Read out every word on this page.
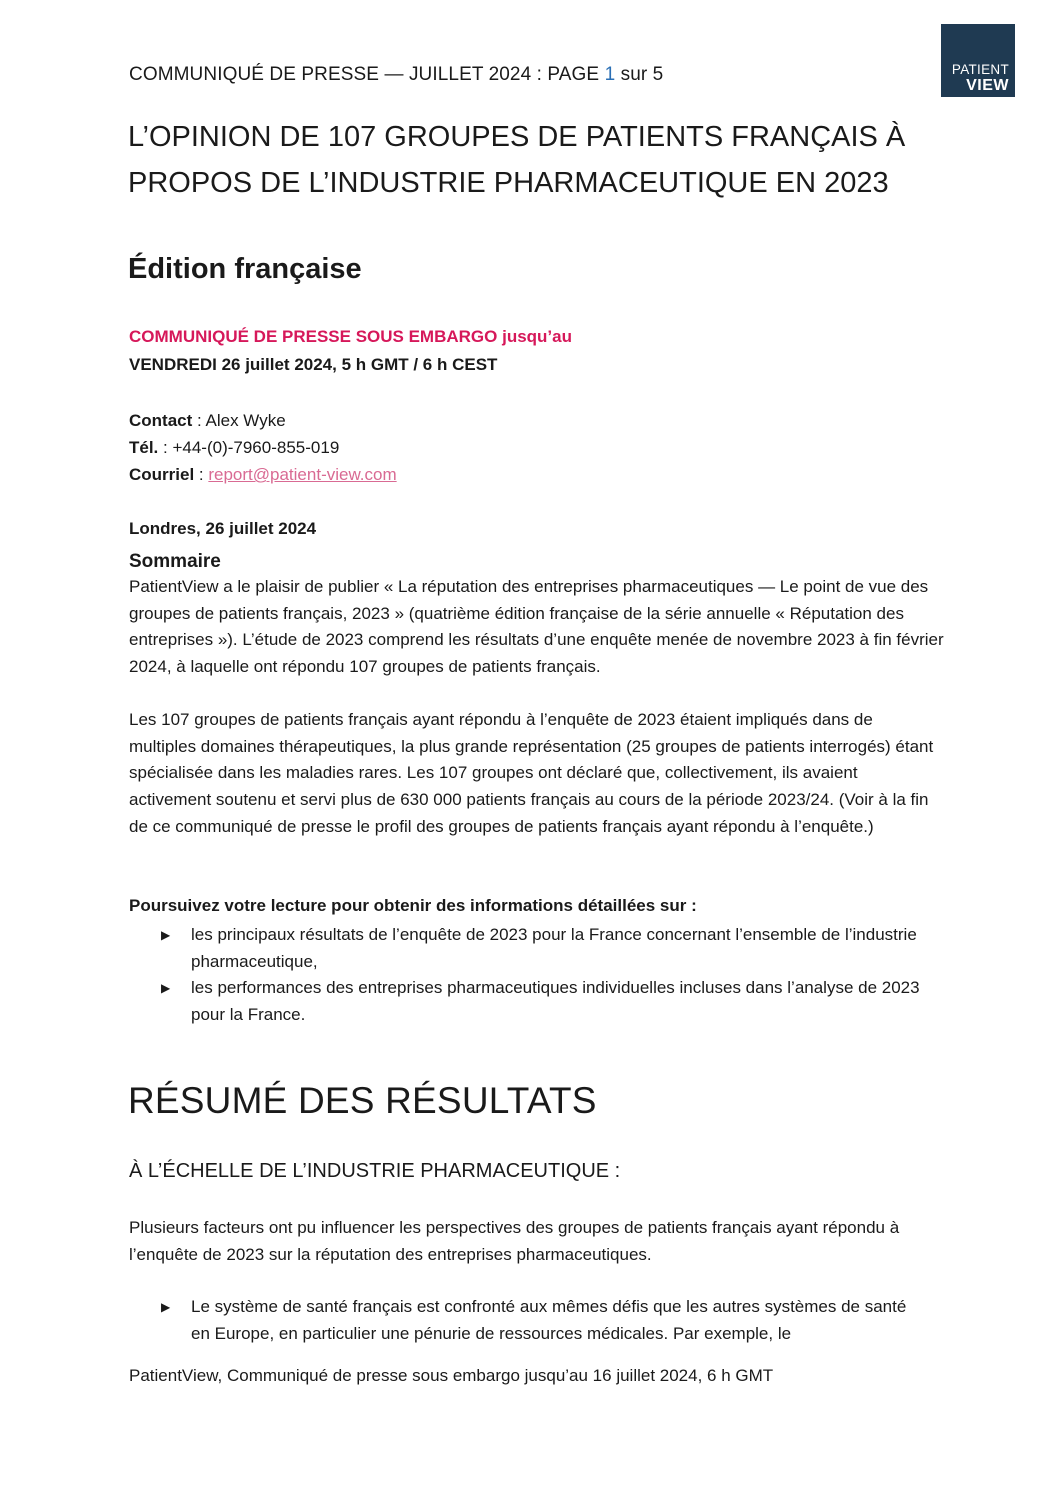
PATIENT
VIEW
COMMUNIQUÉ DE PRESSE — JUILLET 2024 : PAGE 1 sur 5
L’OPINION DE 107 GROUPES DE PATIENTS FRANÇAIS À PROPOS DE L’INDUSTRIE PHARMACEUTIQUE EN 2023
Édition française
COMMUNIQUÉ DE PRESSE SOUS EMBARGO jusqu’au
VENDREDI 26 juillet 2024, 5 h GMT / 6 h CEST
Contact : Alex Wyke
Tél. : +44-(0)-7960-855-019
Courriel : report@patient-view.com
Londres, 26 juillet 2024
Sommaire

PatientView a le plaisir de publier « La réputation des entreprises pharmaceutiques — Le point de vue des groupes de patients français, 2023 » (quatrième édition française de la série annuelle « Réputation des entreprises »). L’étude de 2023 comprend les résultats d’une enquête menée de novembre 2023 à fin février 2024, à laquelle ont répondu 107 groupes de patients français.

Les 107 groupes de patients français ayant répondu à l’enquête de 2023 étaient impliqués dans de multiples domaines thérapeutiques, la plus grande représentation (25 groupes de patients interrogés) étant spécialisée dans les maladies rares. Les 107 groupes ont déclaré que, collectivement, ils avaient activement soutenu et servi plus de 630 000 patients français au cours de la période 2023/24. (Voir à la fin de ce communiqué de presse le profil des groupes de patients français ayant répondu à l’enquête.)

Poursuivez votre lecture pour obtenir des informations détaillées sur :
▶ les principaux résultats de l’enquête de 2023 pour la France concernant l’ensemble de l’industrie pharmaceutique,
▶ les performances des entreprises pharmaceutiques individuelles incluses dans l’analyse de 2023 pour la France.
RÉSUMÉ DES RÉSULTATS
À L’ÉCHELLE DE L’INDUSTRIE PHARMACEUTIQUE :

Plusieurs facteurs ont pu influencer les perspectives des groupes de patients français ayant répondu à l’enquête de 2023 sur la réputation des entreprises pharmaceutiques.

▶ Le système de santé français est confronté aux mêmes défis que les autres systèmes de santé en Europe, en particulier une pénurie de ressources médicales. Par exemple, le
PatientView, Communiqué de presse sous embargo jusqu’au 16 juillet 2024, 6 h GMT
